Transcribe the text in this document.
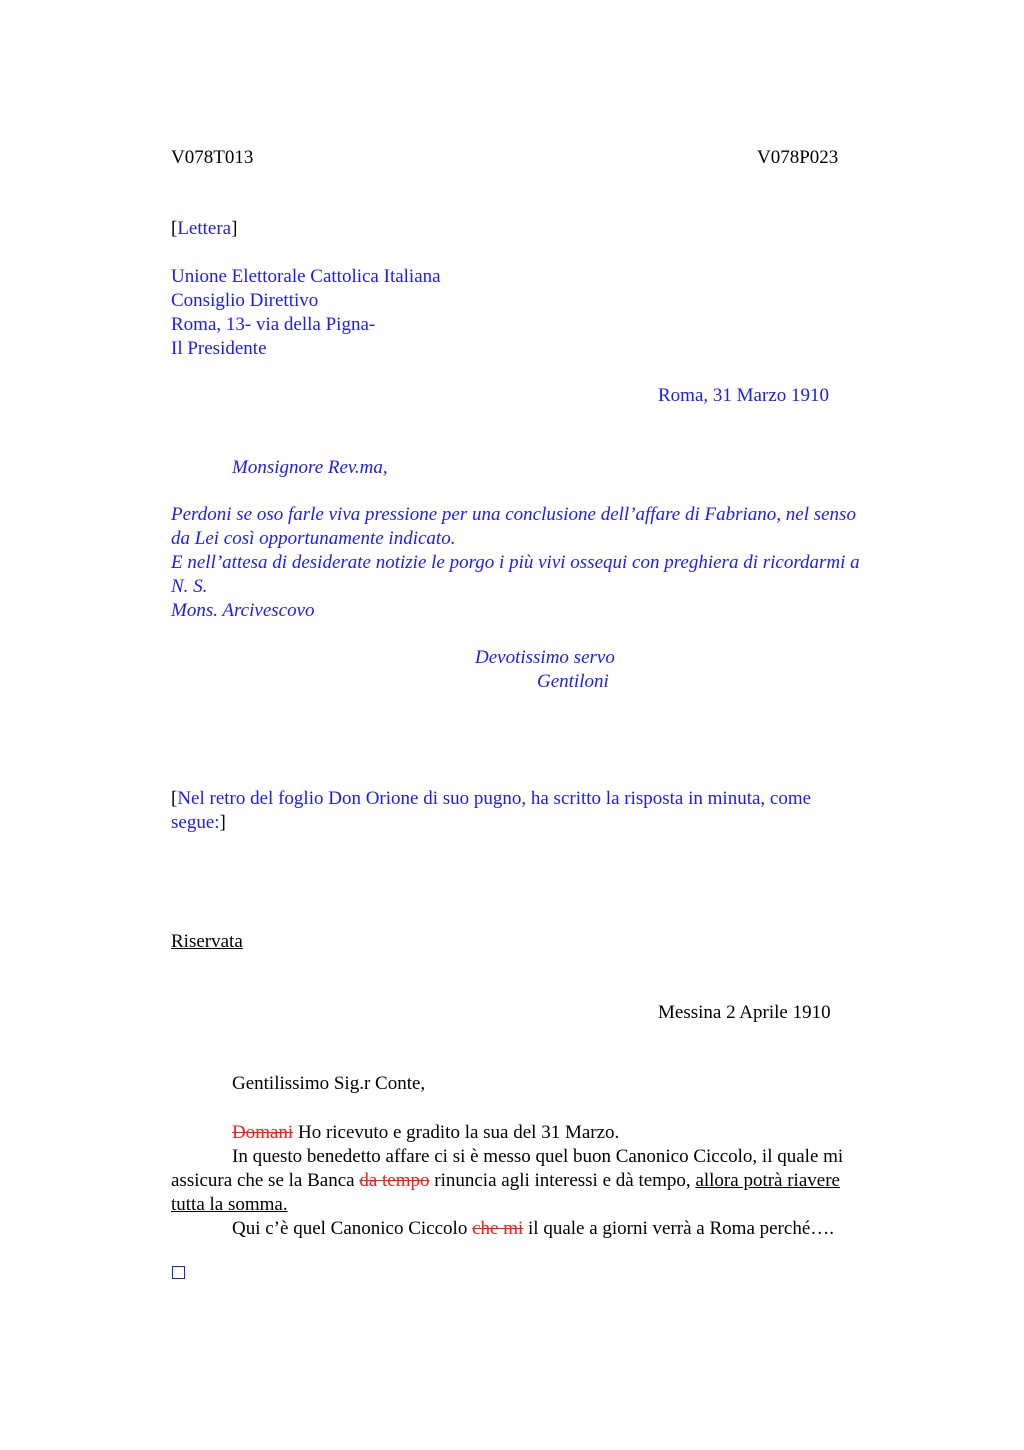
V078T013	V078P023
[Lettera]
Unione Elettorale Cattolica Italiana
Consiglio Direttivo
Roma, 13- via della Pigna-
Il Presidente
Roma, 31 Marzo 1910
Monsignore Rev.ma,
Perdoni se oso farle viva pressione per una conclusione dell’affare di Fabriano, nel senso
da Lei così opportunamente indicato.
E nell’attesa di desiderate notizie le porgo i più vivi ossequi con preghiera di ricordarmi a
N. S.
Mons. Arcivescovo
Devotissimo servo
Gentiloni
[Nel retro del foglio Don Orione di suo pugno, ha scritto la risposta in minuta, come
segue:]
Riservata
Messina 2 Aprile 1910
Gentilissimo Sig.r Conte,
Domani Ho ricevuto e gradito la sua del 31 Marzo.
In questo benedetto affare ci si è messo quel buon Canonico Ciccolo, il quale mi
assicura che se la Banca da tempo rinuncia agli interessi e dà tempo, allora potrà riavere
tutta la somma.
Qui c’è quel Canonico Ciccolo che mi il quale a giorni verrà a Roma perché….
